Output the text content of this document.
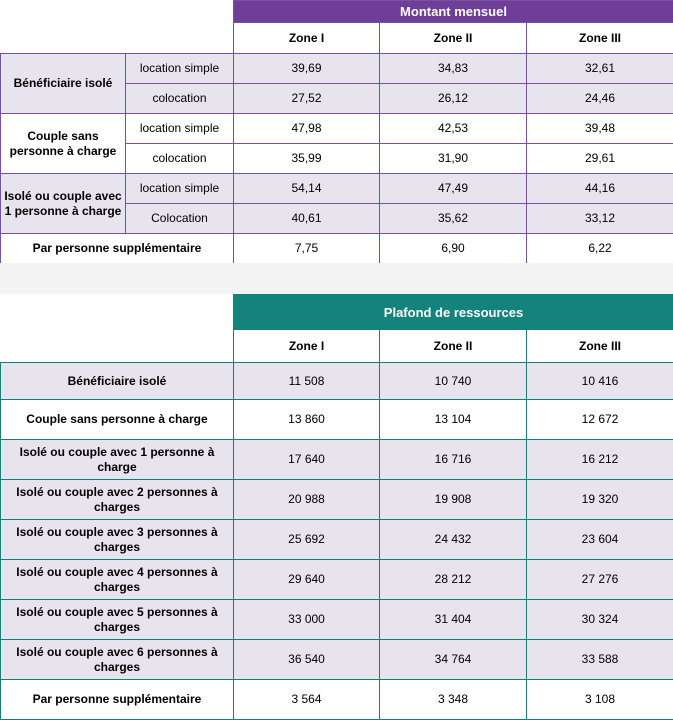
		Montant mensuel		
		Zone I	Zone II	Zone III
Bénéficiaire isolé	location simple	39,69	34,83	32,61
	colocation	27,52	26,12	24,46
Couple sans personne à charge	location simple	47,98	42,53	39,48
	colocation	35,99	31,90	29,61
Isolé ou couple avec 1 personne à charge	location simple	54,14	47,49	44,16
	Colocation	40,61	35,62	33,12
Par personne supplémentaire		7,75	6,90	6,22
	Plafond de ressources		
	Zone I	Zone II	Zone III
Bénéficiaire isolé	11 508	10 740	10 416
Couple sans personne à charge	13 860	13 104	12 672
Isolé ou couple avec 1 personne à charge	17 640	16 716	16 212
Isolé ou couple avec 2 personnes à charges	20 988	19 908	19 320
Isolé ou couple avec 3 personnes à charges	25 692	24 432	23 604
Isolé ou couple avec 4 personnes à charges	29 640	28 212	27 276
Isolé ou couple avec 5 personnes à charges	33 000	31 404	30 324
Isolé ou couple avec 6 personnes à charges	36 540	34 764	33 588
Par personne supplémentaire	3 564	3 348	3 108
